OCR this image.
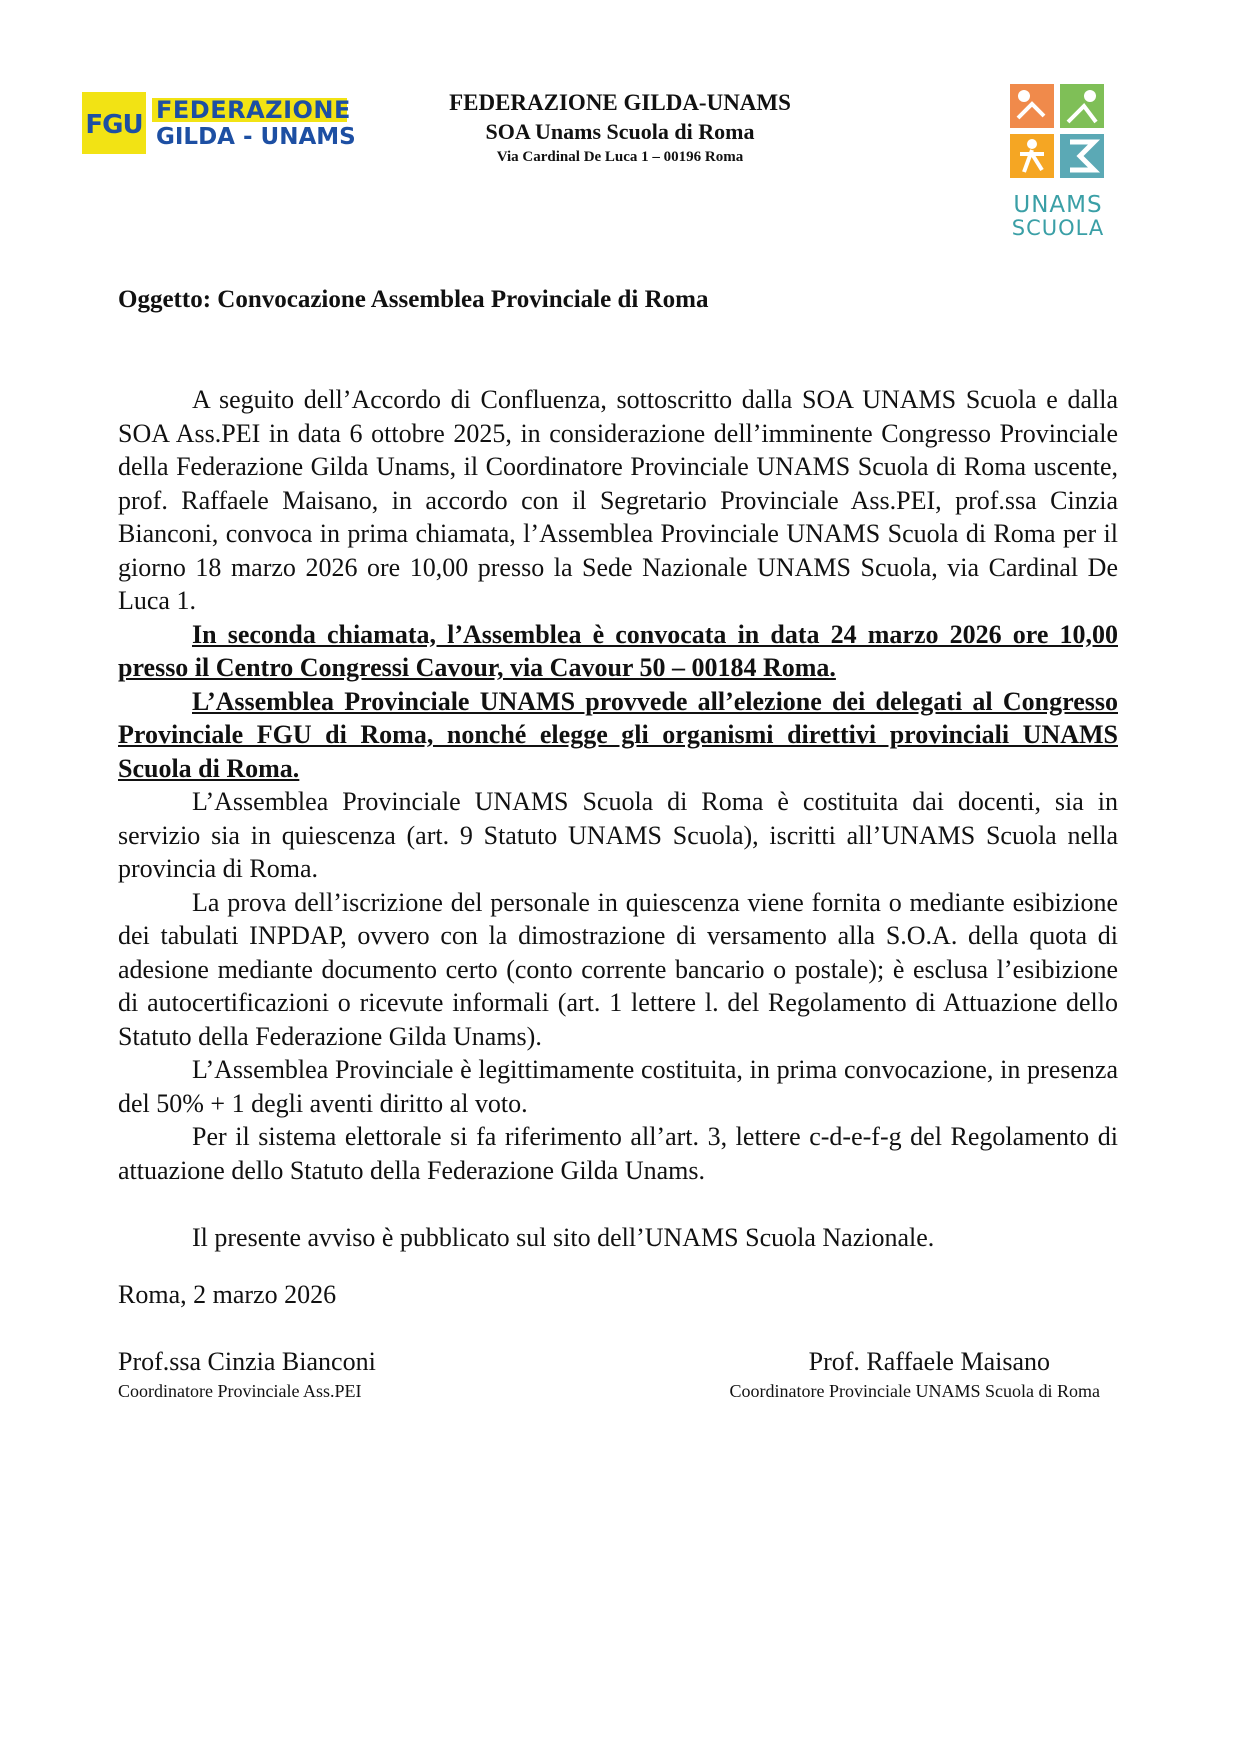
FGU FEDERAZIONE
GILDA - UNAMS
FEDERAZIONE GILDA-UNAMS
SOA Unams Scuola di Roma
Via Cardinal De Luca 1 – 00196 Roma
UNAMS
SCUOLA
Oggetto: Convocazione Assemblea Provinciale di Roma

A seguito dell’Accordo di Confluenza, sottoscritto dalla SOA UNAMS Scuola e dalla SOA Ass.PEI in data 6 ottobre 2025, in considerazione dell’imminente Congresso Provinciale della Federazione Gilda Unams, il Coordinatore Provinciale UNAMS Scuola di Roma uscente, prof. Raffaele Maisano, in accordo con il Segretario Provinciale Ass.PEI, prof.ssa Cinzia Bianconi, convoca in prima chiamata, l’Assemblea Provinciale UNAMS Scuola di Roma per il giorno 18 marzo 2026 ore 10,00 presso la Sede Nazionale UNAMS Scuola, via Cardinal De Luca 1.

In seconda chiamata, l’Assemblea è convocata in data 24 marzo 2026 ore 10,00 presso il Centro Congressi Cavour, via Cavour 50 – 00184 Roma.

L’Assemblea Provinciale UNAMS provvede all’elezione dei delegati al Congresso Provinciale FGU di Roma, nonché elegge gli organismi direttivi provinciali UNAMS Scuola di Roma.

L’Assemblea Provinciale UNAMS Scuola di Roma è costituita dai docenti, sia in servizio sia in quiescenza (art. 9 Statuto UNAMS Scuola), iscritti all’UNAMS Scuola nella provincia di Roma.

La prova dell’iscrizione del personale in quiescenza viene fornita o mediante esibizione dei tabulati INPDAP, ovvero con la dimostrazione di versamento alla S.O.A. della quota di adesione mediante documento certo (conto corrente bancario o postale); è esclusa l’esibizione di autocertificazioni o ricevute informali (art. 1 lettere l. del Regolamento di Attuazione dello Statuto della Federazione Gilda Unams).

L’Assemblea Provinciale è legittimamente costituita, in prima convocazione, in presenza del 50% + 1 degli aventi diritto al voto.

Per il sistema elettorale si fa riferimento all’art. 3, lettere c-d-e-f-g del Regolamento di attuazione dello Statuto della Federazione Gilda Unams.

Il presente avviso è pubblicato sul sito dell’UNAMS Scuola Nazionale.

Roma, 2 marzo 2026
Prof.ssa Cinzia Bianconi
Coordinatore Provinciale Ass.PEI
Prof. Raffaele Maisano
Coordinatore Provinciale UNAMS Scuola di Roma
